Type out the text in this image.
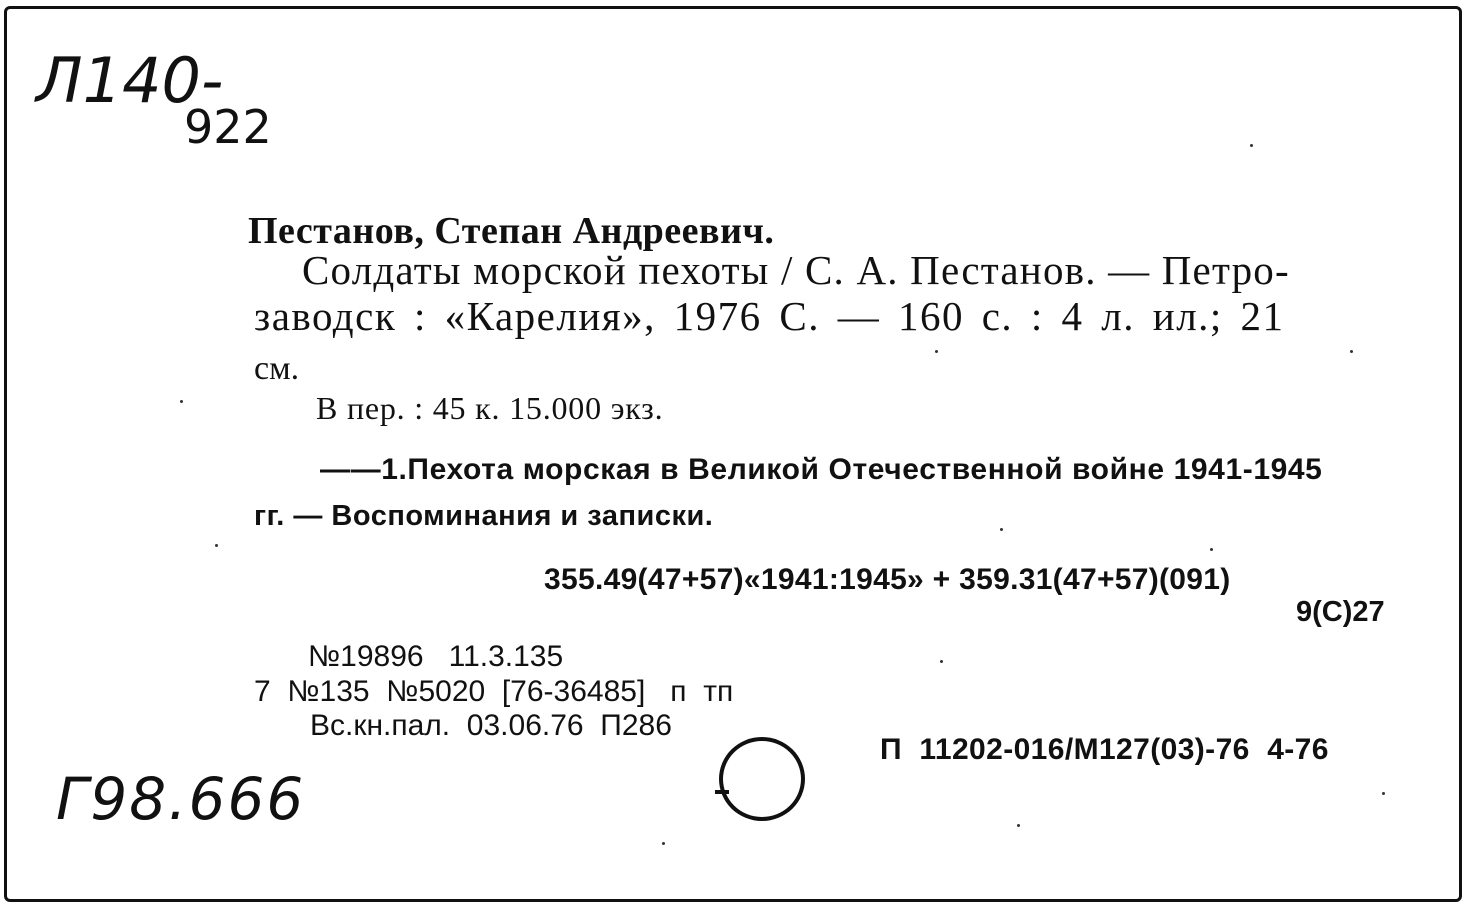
Л140-
922
Пестанов, Степан Андреевич.
Солдаты морской пехоты / С. А. Пестанов. — Петро-
заводск : «Карелия», 1976 С. — 160 с. : 4 л. ил.; 21
см.
В пер. : 45 к. 15.000 экз.
——1.Пехота морская в Великой Отечественной войне 1941-1945
гг. — Воспоминания и записки.
355.49(47+57)«1941:1945» + 359.31(47+57)(091)
9(С)27
№19896   11.3.135
7  №135  №5020  [76-36485]   п  тп
Вс.кн.пал.  03.06.76  П286
П  11202-016/М127(03)-76  4-76
Г98.666
